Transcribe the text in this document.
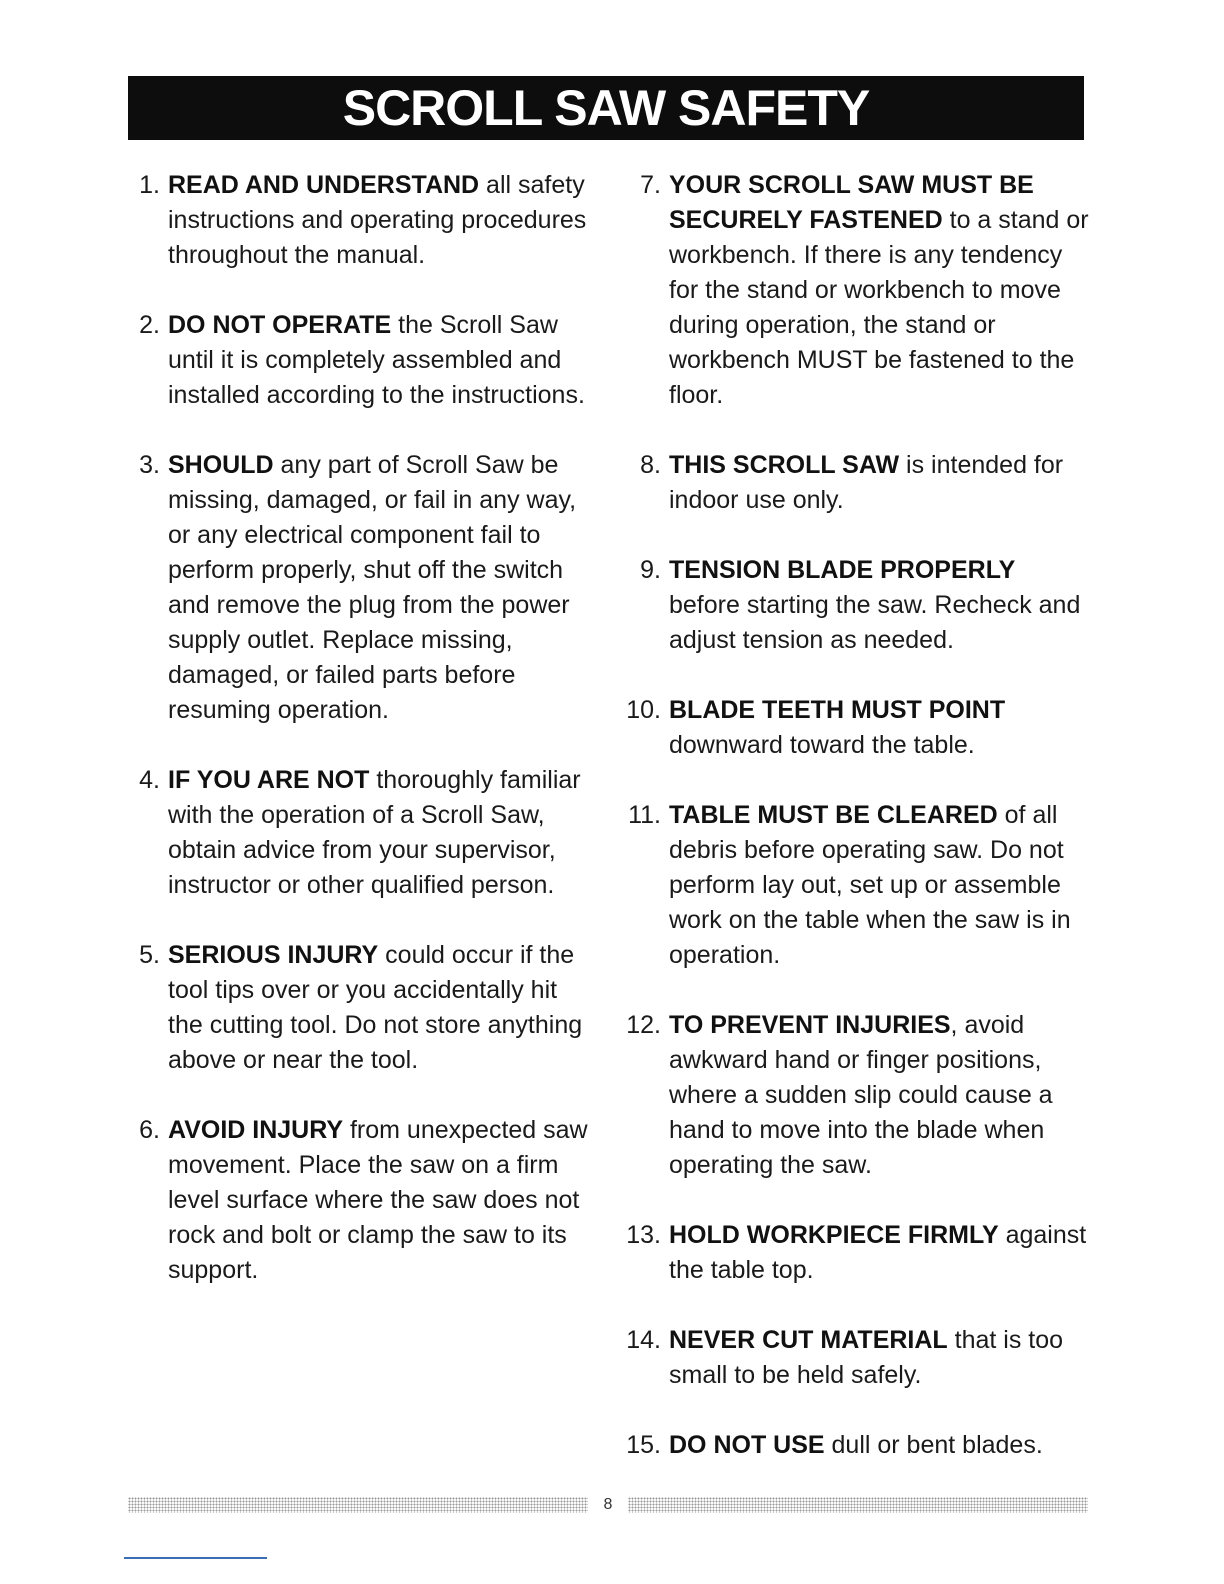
SCROLL SAW SAFETY
1. READ AND UNDERSTAND all safety instructions and operating procedures throughout the manual.
2. DO NOT OPERATE the Scroll Saw until it is completely assembled and installed according to the instructions.
3. SHOULD any part of Scroll Saw be missing, damaged, or fail in any way, or any electrical component fail to perform properly, shut off the switch and remove the plug from the power supply outlet. Replace missing, damaged, or failed parts before resuming operation.
4. IF YOU ARE NOT thoroughly familiar with the operation of a Scroll Saw, obtain advice from your supervisor, instructor or other qualified person.
5. SERIOUS INJURY could occur if the tool tips over or you accidentally hit the cutting tool. Do not store anything above or near the tool.
6. AVOID INJURY from unexpected saw movement. Place the saw on a firm level surface where the saw does not rock and bolt or clamp the saw to its support.
7. YOUR SCROLL SAW MUST BE SECURELY FASTENED to a stand or workbench. If there is any tendency for the stand or workbench to move during operation, the stand or workbench MUST be fastened to the floor.
8. THIS SCROLL SAW is intended for indoor use only.
9. TENSION BLADE PROPERLY before starting the saw. Recheck and adjust tension as needed.
10. BLADE TEETH MUST POINT downward toward the table.
11. TABLE MUST BE CLEARED of all debris before operating saw. Do not perform lay out, set up or assemble work on the table when the saw is in operation.
12. TO PREVENT INJURIES, avoid awkward hand or finger positions, where a sudden slip could cause a hand to move into the blade when operating the saw.
13. HOLD WORKPIECE FIRMLY against the table top.
14. NEVER CUT MATERIAL that is too small to be held safely.
15. DO NOT USE dull or bent blades.
8
